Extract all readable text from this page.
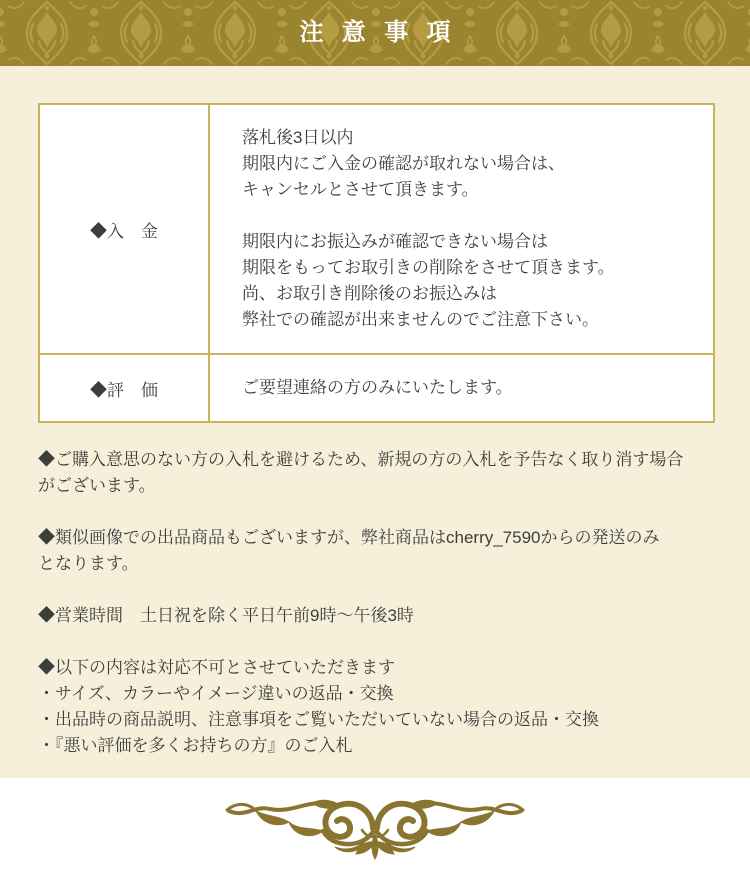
注 意 事 項
◆入　金	
落札後3日以内
期限内にご入金の確認が取れない場合は、
キャンセルとさせて頂きます。
期限内にお振込みが確認できない場合は
期限をもってお取引きの削除をさせて頂きます。
尚、お取引き削除後のお振込みは
弊社での確認が出来ませんのでご注意下さい。

◆評　価	ご要望連絡の方のみにいたします。
◆ご購入意思のない方の入札を避けるため、新規の方の入札を予告なく取り消す場合
がございます。
◆類似画像での出品商品もございますが、弊社商品はcherry_7590からの発送のみ
となります。
◆営業時間　土日祝を除く平日午前9時～午後3時
◆以下の内容は対応不可とさせていただきます
・サイズ、カラーやイメージ違いの返品・交換
・出品時の商品説明、注意事項をご覧いただいていない場合の返品・交換
・『悪い評価を多くお持ちの方』のご入札
